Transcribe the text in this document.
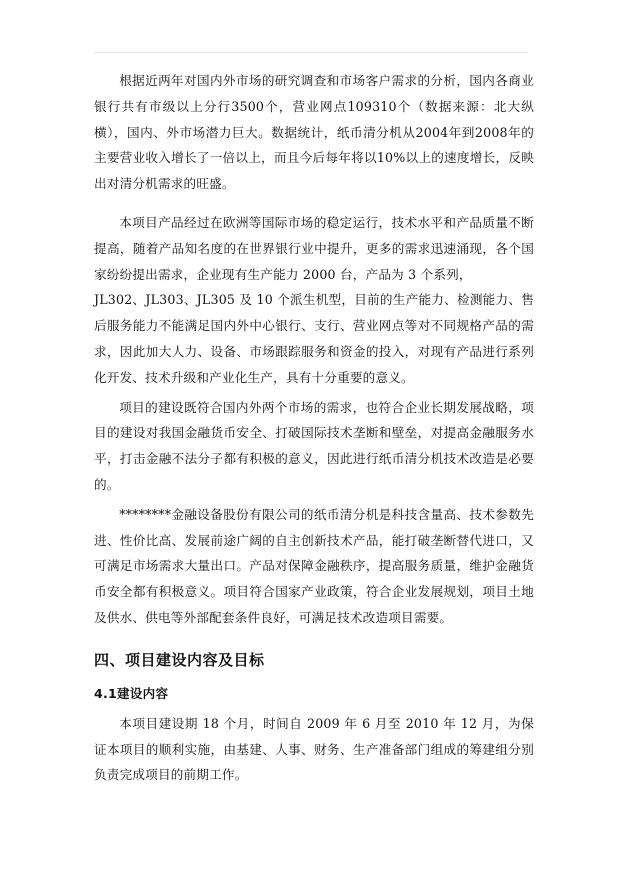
根据近两年对国内外市场的研究调查和市场客户需求的分析，国内各商业银行共有市级以上分行3500个，营业网点109310个（数据来源：北大纵横），国内、外市场潜力巨大。数据统计，纸币清分机从2004年到2008年的主要营业收入增长了一倍以上，而且今后每年将以10%以上的速度增长，反映出对清分机需求的旺盛。

本项目产品经过在欧洲等国际市场的稳定运行，技术水平和产品质量不断提高，随着产品知名度的在世界银行业中提升，更多的需求迅速涌现，各个国家纷纷提出需求，企业现有生产能力 2000 台，产品为 3 个系列，

JL302、JL303、JL305 及 10 个派生机型，目前的生产能力、检测能力、售后服务能力不能满足国内外中心银行、支行、营业网点等对不同规格产品的需求，因此加大人力、设备、市场跟踪服务和资金的投入，对现有产品进行系列化开发、技术升级和产业化生产，具有十分重要的意义。

项目的建设既符合国内外两个市场的需求，也符合企业长期发展战略，项目的建设对我国金融货币安全、打破国际技术垄断和壁垒，对提高金融服务水平，打击金融不法分子都有积极的意义，因此进行纸币清分机技术改造是必要的。

********金融设备股份有限公司的纸币清分机是科技含量高、技术参数先进、性价比高、发展前途广阔的自主创新技术产品，能打破垄断替代进口，又可满足市场需求大量出口。产品对保障金融秩序，提高服务质量，维护金融货币安全都有积极意义。项目符合国家产业政策，符合企业发展规划，项目土地及供水、供电等外部配套条件良好，可满足技术改造项目需要。

四、项目建设内容及目标
4.1建设内容

本项目建设期 18 个月，时间自 2009 年 6 月至 2010 年 12 月，为保证本项目的顺利实施，由基建、人事、财务、生产准备部门组成的筹建组分别负责完成项目的前期工作。
